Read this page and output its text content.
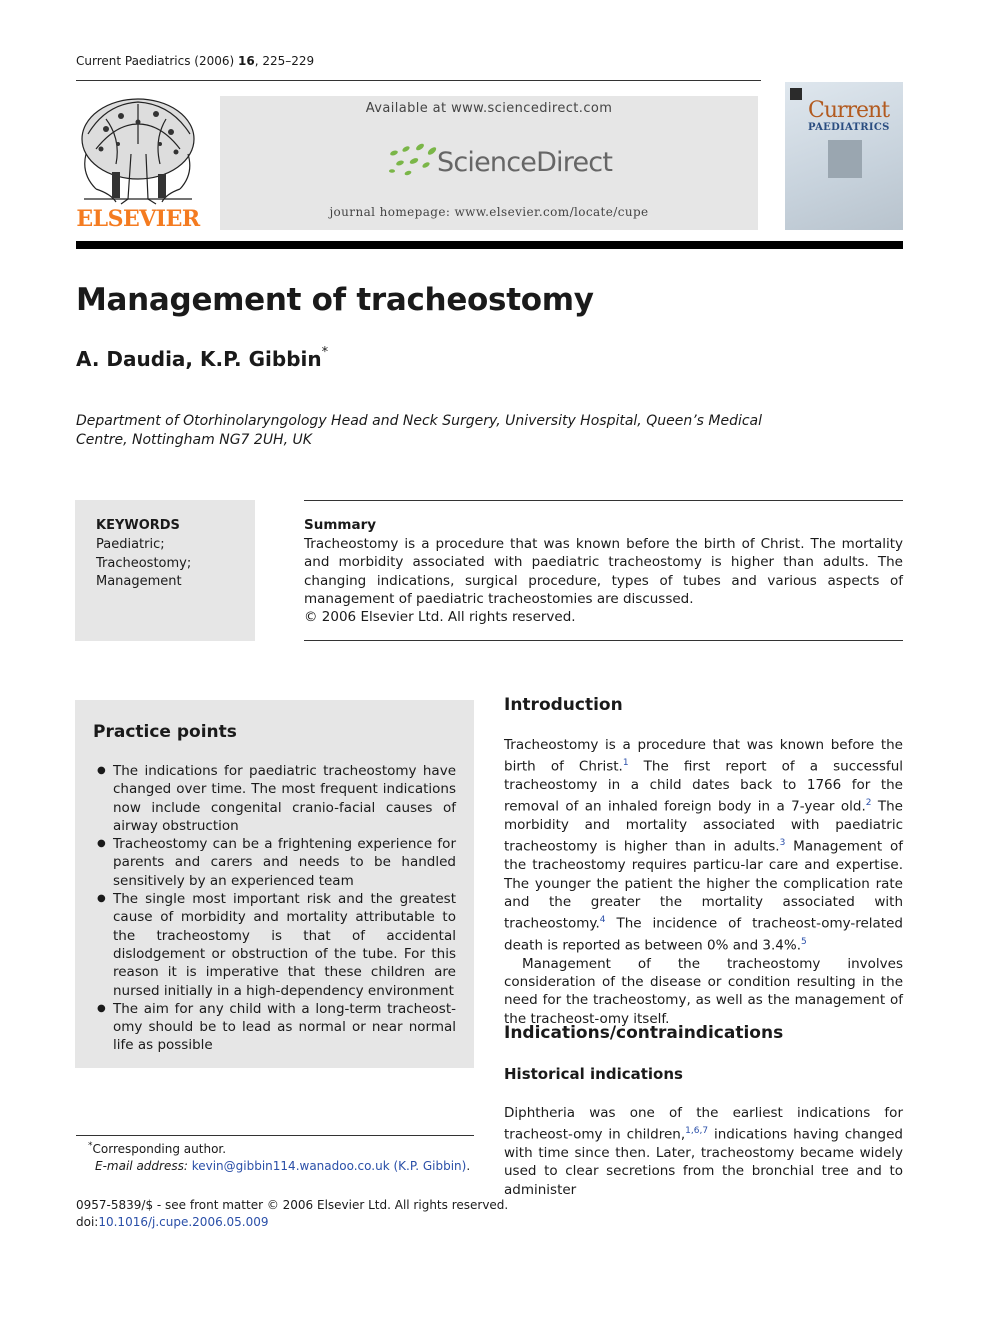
Current Paediatrics (2006) 16, 225–229
ELSEVIER
Available at www.sciencedirect.com
ScienceDirect
journal homepage: www.elsevier.com/locate/cupe
Current
PAEDIATRICS
Management of tracheostomy
A. Daudia, K.P. Gibbin*
Department of Otorhinolaryngology Head and Neck Surgery, University Hospital, Queen’s Medical Centre, Nottingham NG7 2UH, UK
KEYWORDS
Paediatric;
Tracheostomy;
Management
Summary
Tracheostomy is a procedure that was known before the birth of Christ. The mortality and morbidity associated with paediatric tracheostomy is higher than adults. The changing indications, surgical procedure, types of tubes and various aspects of management of paediatric tracheostomies are discussed.
© 2006 Elsevier Ltd. All rights reserved.
Practice points
● The indications for paediatric tracheostomy have changed over time. The most frequent indications now include congenital cranio-facial causes of airway obstruction
● Tracheostomy can be a frightening experience for parents and carers and needs to be handled sensitively by an experienced team
● The single most important risk and the greatest cause of morbidity and mortality attributable to the tracheostomy is that of accidental dislodgement or obstruction of the tube. For this reason it is imperative that these children are nursed initially in a high-dependency environment
● The aim for any child with a long-term tracheost-omy should be to lead as normal or near normal life as possible
*Corresponding author.
E-mail address: kevin@gibbin114.wanadoo.co.uk (K.P. Gibbin).
0957-5839/$ - see front matter © 2006 Elsevier Ltd. All rights reserved.
doi:10.1016/j.cupe.2006.05.009
Introduction

Tracheostomy is a procedure that was known before the birth of Christ.$^1$ The first report of a successful tracheostomy in a child dates back to 1766 for the removal of an inhaled foreign body in a 7-year old.$^2$ The morbidity and mortality associated with paediatric tracheostomy is higher than in adults.$^3$ Management of the tracheostomy requires particu-lar care and expertise. The younger the patient the higher the complication rate and the greater the mortality associated with tracheostomy.$^4$ The incidence of tracheost-omy-related death is reported as between 0% and 3.4%.$^5$

Management of the tracheostomy involves consideration of the disease or condition resulting in the need for the tracheostomy, as well as the management of the tracheost-omy itself.

Indications/contraindications
Historical indications

Diphtheria was one of the earliest indications for tracheost-omy in children,$^{1,6,7}$ indications having changed with time since then. Later, tracheostomy became widely used to clear secretions from the bronchial tree and to administer
